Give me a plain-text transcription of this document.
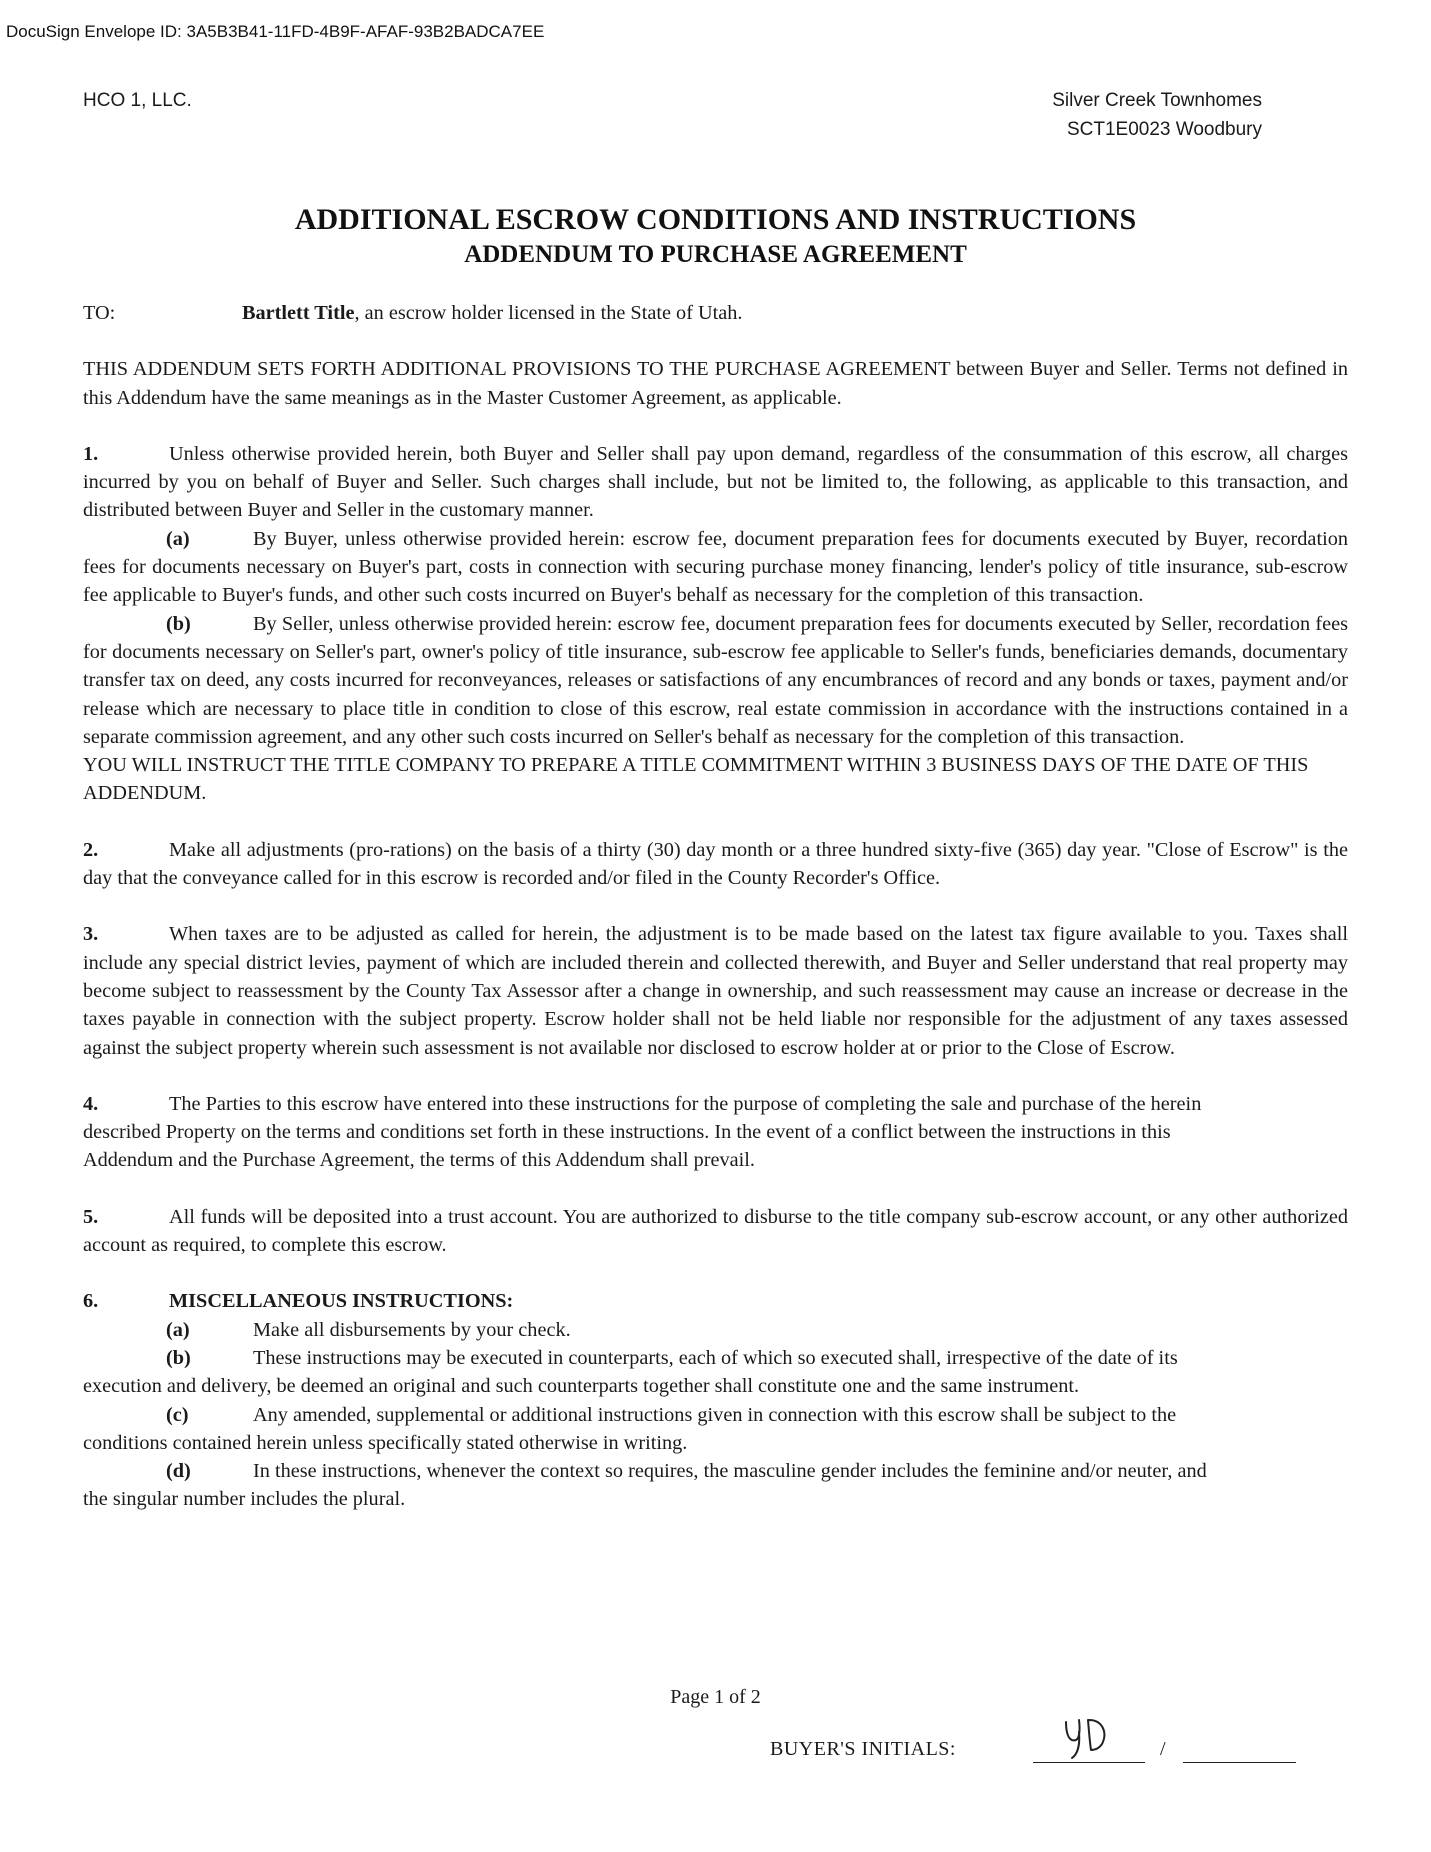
DocuSign Envelope ID: 3A5B3B41-11FD-4B9F-AFAF-93B2BADCA7EE
HCO 1, LLC.	Silver Creek Townhomes
SCT1E0023 Woodbury
ADDITIONAL ESCROW CONDITIONS AND INSTRUCTIONS
ADDENDUM TO PURCHASE AGREEMENT

TO:	Bartlett Title, an escrow holder licensed in the State of Utah.

THIS ADDENDUM SETS FORTH ADDITIONAL PROVISIONS TO THE PURCHASE AGREEMENT between Buyer and Seller. Terms not defined in this Addendum have the same meanings as in the Master Customer Agreement, as applicable.

1.	Unless otherwise provided herein, both Buyer and Seller shall pay upon demand, regardless of the consummation of this escrow, all charges incurred by you on behalf of Buyer and Seller. Such charges shall include, but not be limited to, the following, as applicable to this transaction, and distributed between Buyer and Seller in the customary manner.

(a)	By Buyer, unless otherwise provided herein: escrow fee, document preparation fees for documents executed by Buyer, recordation fees for documents necessary on Buyer's part, costs in connection with securing purchase money financing, lender's policy of title insurance, sub-escrow fee applicable to Buyer's funds, and other such costs incurred on Buyer's behalf as necessary for the completion of this transaction.

(b)	By Seller, unless otherwise provided herein: escrow fee, document preparation fees for documents executed by Seller, recordation fees for documents necessary on Seller's part, owner's policy of title insurance, sub-escrow fee applicable to Seller's funds, beneficiaries demands, documentary transfer tax on deed, any costs incurred for reconveyances, releases or satisfactions of any encumbrances of record and any bonds or taxes, payment and/or release which are necessary to place title in condition to close of this escrow, real estate commission in accordance with the instructions contained in a separate commission agreement, and any other such costs incurred on Seller's behalf as necessary for the completion of this transaction.

YOU WILL INSTRUCT THE TITLE COMPANY TO PREPARE A TITLE COMMITMENT WITHIN 3 BUSINESS DAYS OF THE DATE OF THIS ADDENDUM.

2.	Make all adjustments (pro-rations) on the basis of a thirty (30) day month or a three hundred sixty-five (365) day year. "Close of Escrow" is the day that the conveyance called for in this escrow is recorded and/or filed in the County Recorder's Office.

3.	When taxes are to be adjusted as called for herein, the adjustment is to be made based on the latest tax figure available to you. Taxes shall include any special district levies, payment of which are included therein and collected therewith, and Buyer and Seller understand that real property may become subject to reassessment by the County Tax Assessor after a change in ownership, and such reassessment may cause an increase or decrease in the taxes payable in connection with the subject property. Escrow holder shall not be held liable nor responsible for the adjustment of any taxes assessed against the subject property wherein such assessment is not available nor disclosed to escrow holder at or prior to the Close of Escrow.

4.	The Parties to this escrow have entered into these instructions for the purpose of completing the sale and purchase of the herein described Property on the terms and conditions set forth in these instructions. In the event of a conflict between the instructions in this Addendum and the Purchase Agreement, the terms of this Addendum shall prevail.

5.	All funds will be deposited into a trust account. You are authorized to disburse to the title company sub-escrow account, or any other authorized account as required, to complete this escrow.

6.	MISCELLANEOUS INSTRUCTIONS:

(a)	Make all disbursements by your check.

(b)	These instructions may be executed in counterparts, each of which so executed shall, irrespective of the date of its execution and delivery, be deemed an original and such counterparts together shall constitute one and the same instrument.

(c)	Any amended, supplemental or additional instructions given in connection with this escrow shall be subject to the conditions contained herein unless specifically stated otherwise in writing.

(d)	In these instructions, whenever the context so requires, the masculine gender includes the feminine and/or neuter, and the singular number includes the plural.

Page 1 of 2
BUYER'S INITIALS:	/
